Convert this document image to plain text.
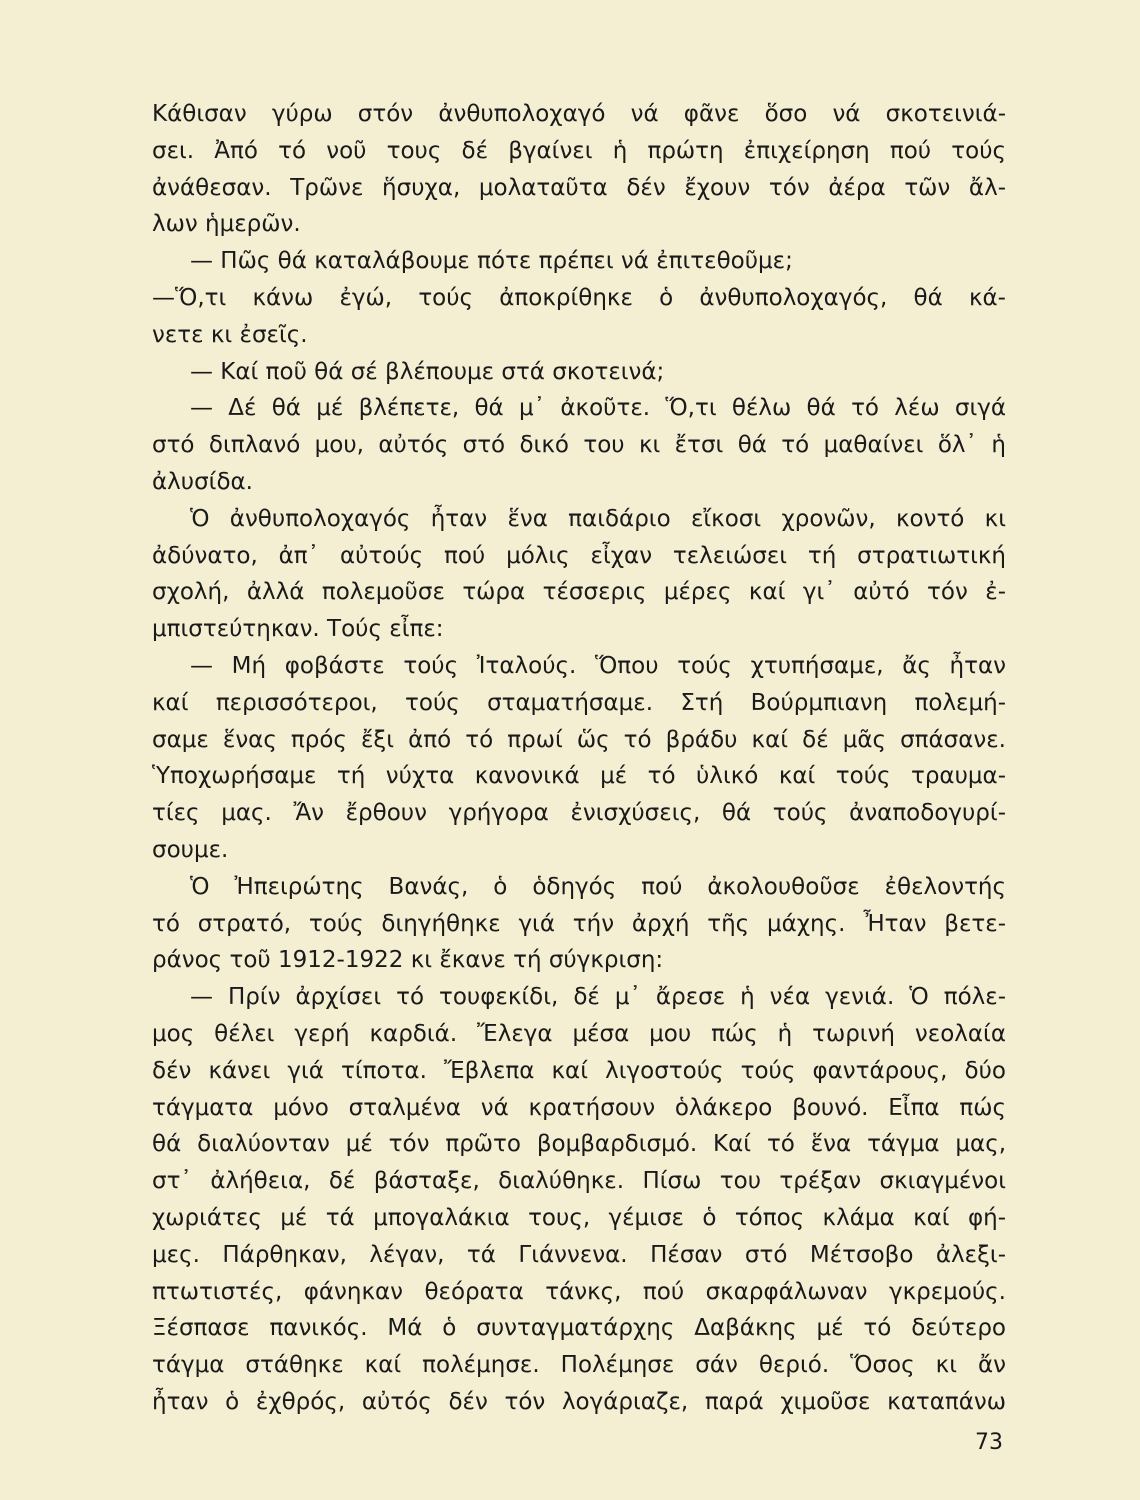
Κάθισαν γύρω στόν ἀνθυπολοχαγό νά φᾶνε ὅσο νά σκοτεινιά-
σει. Ἀπό τό νοῦ τους δέ βγαίνει ἡ πρώτη ἐπιχείρηση πού τούς
ἀνάθεσαν. Τρῶνε ἥσυχα, μολαταῦτα δέν ἔχουν τόν ἀέρα τῶν ἄλ-
λων ἡμερῶν.
— Πῶς θά καταλάβουμε πότε πρέπει νά ἐπιτεθοῦμε;
—Ὅ,τι κάνω ἐγώ, τούς ἀποκρίθηκε ὁ ἀνθυπολοχαγός, θά κά-
νετε κι ἐσεῖς.
— Καί ποῦ θά σέ βλέπουμε στά σκοτεινά;
— Δέ θά μέ βλέπετε, θά μ᾽ ἀκοῦτε. Ὅ,τι θέλω θά τό λέω σιγά
στό διπλανό μου, αὐτός στό δικό του κι ἔτσι θά τό μαθαίνει ὅλ᾽ ἡ
ἀλυσίδα.
Ὁ ἀνθυπολοχαγός ἦταν ἕνα παιδάριο εἴκοσι χρονῶν, κοντό κι
ἀδύνατο, ἀπ᾽ αὐτούς πού μόλις εἶχαν τελειώσει τή στρατιωτική
σχολή, ἀλλά πολεμοῦσε τώρα τέσσερις μέρες καί γι᾽ αὐτό τόν ἐ-
μπιστεύτηκαν. Τούς εἶπε:
— Μή φοβάστε τούς Ἰταλούς. Ὅπου τούς χτυπήσαμε, ἄς ἦταν
καί περισσότεροι, τούς σταματήσαμε. Στή Βούρμπιανη πολεμή-
σαμε ἕνας πρός ἔξι ἀπό τό πρωί ὥς τό βράδυ καί δέ μᾶς σπάσανε.
Ὑποχωρήσαμε τή νύχτα κανονικά μέ τό ὑλικό καί τούς τραυμα-
τίες μας. Ἄν ἔρθουν γρήγορα ἐνισχύσεις, θά τούς ἀναποδογυρί-
σουμε.
Ὁ Ἠπειρώτης Βανάς, ὁ ὁδηγός πού ἀκολουθοῦσε ἐθελοντής
τό στρατό, τούς διηγήθηκε γιά τήν ἀρχή τῆς μάχης. Ἦταν βετε-
ράνος τοῦ 1912-1922 κι ἔκανε τή σύγκριση:
— Πρίν ἀρχίσει τό τουφεκίδι, δέ μ᾽ ἄρεσε ἡ νέα γενιά. Ὁ πόλε-
μος θέλει γερή καρδιά. Ἔλεγα μέσα μου πώς ἡ τωρινή νεολαία
δέν κάνει γιά τίποτα. Ἔβλεπα καί λιγοστούς τούς φαντάρους, δύο
τάγματα μόνο σταλμένα νά κρατήσουν ὁλάκερο βουνό. Εἶπα πώς
θά διαλύονταν μέ τόν πρῶτο βομβαρδισμό. Καί τό ἕνα τάγμα μας,
στ᾽ ἀλήθεια, δέ βάσταξε, διαλύθηκε. Πίσω του τρέξαν σκιαγμένοι
χωριάτες μέ τά μπογαλάκια τους, γέμισε ὁ τόπος κλάμα καί φή-
μες. Πάρθηκαν, λέγαν, τά Γιάννενα. Πέσαν στό Μέτσοβο ἀλεξι-
πτωτιστές, φάνηκαν θεόρατα τάνκς, πού σκαρφάλωναν γκρεμούς.
Ξέσπασε πανικός. Μά ὁ συνταγματάρχης Δαβάκης μέ τό δεύτερο
τάγμα στάθηκε καί πολέμησε. Πολέμησε σάν θεριό. Ὅσος κι ἄν
ἦταν ὁ ἐχθρός, αὐτός δέν τόν λογάριαζε, παρά χιμοῦσε καταπάνω
73
